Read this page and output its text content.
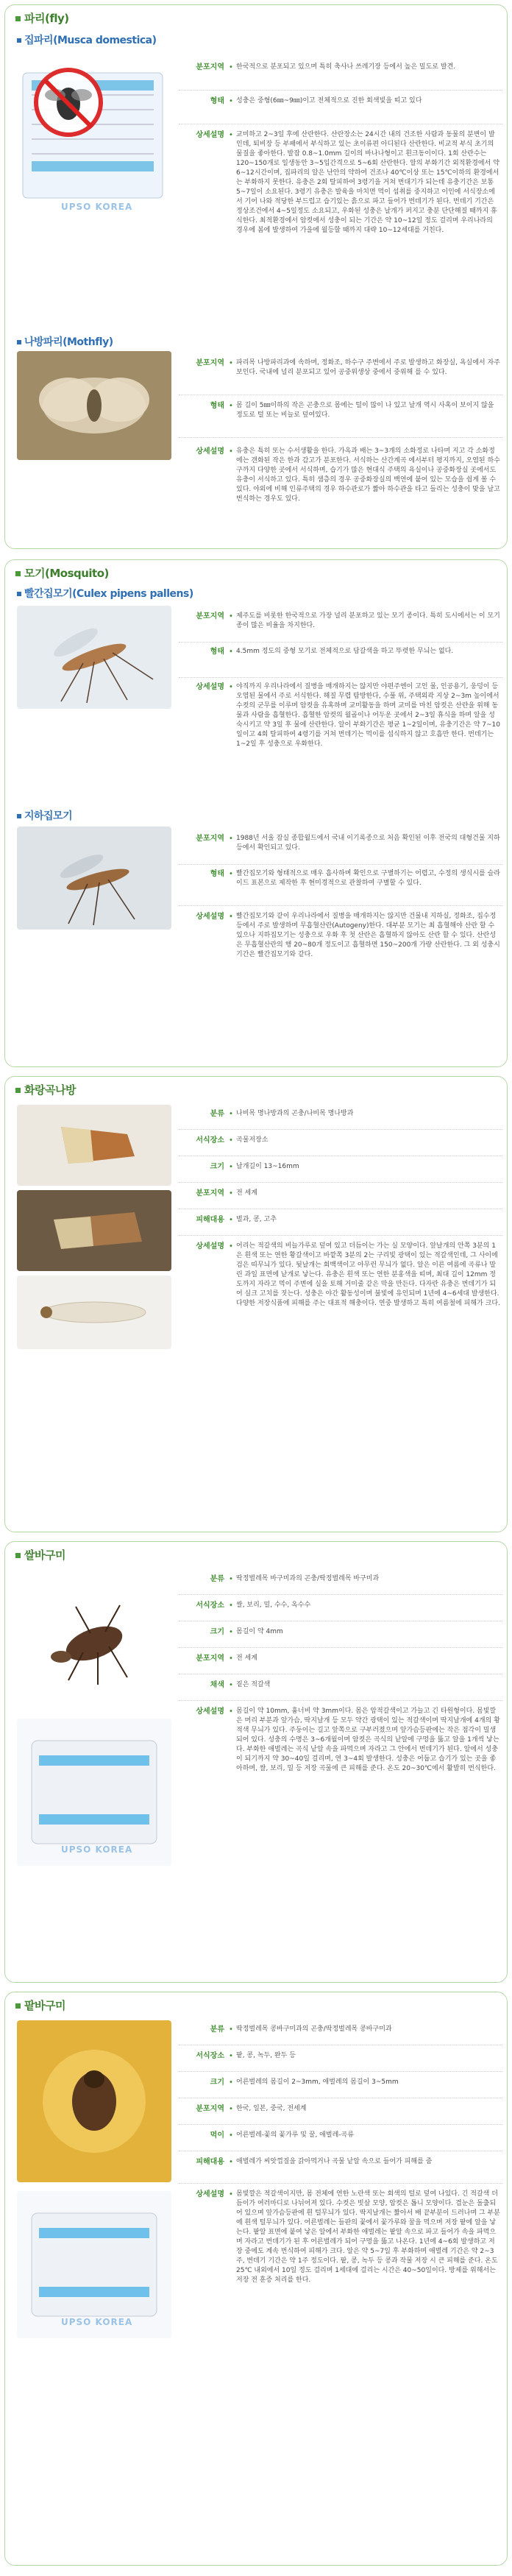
파리(fly)
집파리(Musca domestica)
UPSO KOREA
분포지역 • 한국적으로 분포되고 있으며 특히 축사나 쓰레기장 등에서 높은 밀도로 발견.
형태 • 성충은 중형(6㎜~9㎜)이고 전체적으로 진한 회색빛을 띠고 있다
상세설명 • 교미하고 2~3일 후에 산란한다. 산란장소는 24시간 내의 건조한 사람과 동물의 분변이 발인데, 퇴비장 등 부패에서 부식하고 있는 초이류편 아디된다 산란한다. 비교적 부식 초기의 물질을 좋아한다. 발잡 0.8~1.0mm 길이의 바나나형이고 흰크동이이다. 1회 산란수는 120~150개로 일생동안 3~5입간격으로 5~6회 산란한다. 알의 부화기간 외적환경에서 약 6~12시간이며, 집파리의 알은 난안의 약하여 건조나 40℃이상 또는 15℃이하의 환경에서는 부화하지 못한다. 유충은 2회 탈피하여 3령기을 거쳐 번대기가 되는데 유충기간은 보통 5~7일이 소요된다. 3령기 유충은 발육을 마치면 먹이 섭취를 중지하고 이인에 서식장소에서 기어 나와 적당한 부드럽고 습기있는 흙으로 파고 들어가 번데기가 된다. 번데기 기간은 정상조건에서 4~5일정도 소요되고, 우화된 성충은 날개가 퍼지고 충분 단단해질 때까지 휴식한다. 최적환경에서 암컷에서 성충이 되는 기간은 약 10~12일 정도 걸리며 우리나라의 경우에 봄에 발생하여 가을에 월등할 때까지 대략 10~12세대를 거친다.
나방파리(Mothfly)
분포지역 • 파리목 나방파리과에 속하며, 정화조, 하수구 주변에서 주로 발생하고 화장실, 욕실에서 자주 보인다. 국내에 널리 분포되고 있어 공중위생상 중에서 중위해 를 수 있다.
형태 • 몸 길이 5㎜이하의 작은 곤충으로 몸에는 털이 많이 나 있고 날개 역시 사혹이 보이지 않을 정도로 털 또는 비늘로 덮여있다.
상세설명 • 유충은 특히 또는 수서생활을 한다. 가옥과 배는 3~3개의 소화정로 나타며 지고 각 소화정에는 갠화된 작은 한과 감고가 분포한다. 서식하는 산간계곡 에서부터 평지까지, 오염된 하수구까지 다양한 곳에서 서식하며, 습기가 많은 현대식 주택의 욕실이나 공중화장실 곳에서도 유충이 서식하고 있다. 특히 샘층의 경우 공중화장실의 백연에 붙어 있는 모습을 쉽게 볼 수 있다. 야외에 비해 인류주택의 경우 하수관로가 짧아 하수관을 타고 들리는 성충이 맞을 날고 번식하는 경우도 있다.
모기(Mosquito)
빨간집모기(Culex pipens pallens)
분포지역 • 제주도를 비롯한 한국적으로 가장 널리 분포하고 있는 모기 종이다. 특히 도시에서는 이 모기종이 많은 비율을 차지한다.
형태 • 4.5mm 정도의 중형 모기로 전체적으로 담갈색을 하고 뚜렷한 무늬는 없다.
상세설명 • 야직까지 우리나라에서 질병을 매개하지는 않지만 야편주엔이 고인 물, 인공용기, 웅덩이 등 오염된 물에서 주로 서식한다. 해질 무렵 탐방한다, 수풀 위, 주택외곽 지상 2~3m 높이에서 수컷의 군무를 이루며 암컷을 유혹하며 교미활동을 하며 교미를 마친 암컷은 산란을 위해 동물과 사람을 흡혈한다. 흡혈한 암컷의 월골이나 어두운 곳에서 2~3일 휴식을 하며 알을 성숙시키고 약 3일 후 물에 산란한다. 알이 부화기간은 평균 1~2일이며, 유충기간은 약 7~10일이고 4회 탈피하여 4령기를 거쳐 번데기는 먹이를 섭식하지 않고 호흡만 한다. 번데기는 1~2일 후 성충으로 우화한다.
지하집모기
분포지역 • 1988년 서울 잠실 종합월드에서 국내 이기록종으로 처음 확인된 이후 전국의 대형건물 지하 등에서 확인되고 있다.
형태 • 빨간집모기와 형태적으로 매우 흡사하며 확인으로 구별하기는 어렵고, 수정의 생식시를 슬라이드 표본으로 제작한 후 현미경적으로 관찰하여 구별할 수 있다.
상세설명 • 빨간집모기와 같이 우리나라에서 질병을 매개하지는 않지만 건물내 지하실, 정화조, 집수정 등에서 주로 발생하며 무흡혈산란(Autogeny)한다. 대부분 모기는 최 흡혈해야 산란 할 수 있으나 지하집모기는 성충으로 우화 후 첫 산란은 흡혈하지 않아도 산란 할 수 있다. 산란성은 무흡혈산란의 행 20~80개 정도이고 흡혈하면 150~200개 가량 산란한다. 그 외 성충시기간은 빨간집모기와 같다.
화랑곡나방
분류 • 나비목 명나방과의 곤충/나비목 명나방과
서식장소 • 곡물저장소
크기 • 날개길이 13~16mm
분포지역 • 전 세계
피해대용 • 벌과, 콩, 고추
상세설명 • 어리는 적갈색의 비늘가루로 덮여 있고 더듬이는 가는 실 모양이다. 앞날개의 안쪽 3분의 1은 흰색 또는 연한 황갈색이고 바깥쪽 3분의 2는 구리빛 광택이 있는 적갈색인데, 그 사이에 검은 띠무늬가 있다. 뒷날개는 회백색이고 아무런 무늬가 없다. 알은 이른 여름에 곡류나 말린 과일 표면에 낱개로 낳는다. 유충은 흰색 또는 연한 분홍색을 띠며, 최대 길이 12mm 정도까지 자라고 먹이 주변에 실을 토해 거미줄 같은 막을 만든다. 다자란 유충은 번데기가 되어 실크 고치를 짓는다. 성충은 야간 활동성이며 불빛에 유인되며 1년에 4~6세대 발생한다. 다양한 저장식품에 피해를 주는 대표적 해충이다. 연중 발생하고 특히 여름철에 피해가 크다.
쌀바구미
UPSO KOREA
분류 • 딱정벌레목 바구미과의 곤충/딱정벌레목 바구미과
서식장소 • 쌀, 보리, 밀, 수수, 옥수수
크기 • 몸길이 약 4mm
분포지역 • 전 세계
채색 • 짙은 적갈색
상세설명 • 몸길이 약 10mm, 흉너비 약 3mm이다. 몸은 암적갈색이고 가늘고 긴 타원형이다. 몸빛깔은 머리 부분과 앞가슴, 딱지날개 등 모두 약간 광택이 있는 적갈색이며 딱지날개에 4개의 황적색 무늬가 있다. 주둥이는 길고 앞쪽으로 구부러졌으며 앞가슴등판에는 작은 점각이 밀생되어 있다. 성충의 수명은 3~6개월이며 암컷은 곡식의 낱알에 구멍을 뚫고 알을 1개씩 낳는다. 부화한 애벌레는 곡식 낱알 속을 파먹으며 자라고 그 안에서 번데기가 된다. 알에서 성충이 되기까지 약 30~40일 걸리며, 연 3~4회 발생한다. 성충은 어둡고 습기가 있는 곳을 좋아하며, 쌀, 보리, 밀 등 저장 곡물에 큰 피해를 준다. 온도 20~30℃에서 활발히 번식한다.
팥바구미
UPSO KOREA
분류 • 딱정벌레목 콩바구미과의 곤충/딱정벌레목 콩바구미과
서식장소 • 팥, 콩, 녹두, 완두 등
크기 • 어른벌레의 몸길이 2~3mm, 애벌레의 몸길이 3~5mm
분포지역 • 한국, 일본, 중국, 전세계
먹이 • 어른벌레-꽃의 꽃가루 및 꿀, 애벌레-곡류
피해대용 • 애벌레가 씨앗껍질을 갉아먹거나 곡물 낱알 속으로 들어가 피해를 줌
상세설명 • 몸빛깔은 적갈색이지만, 몸 전체에 연한 노란색 또는 회색의 털로 덮여 나있다. 긴 적갈색 더듬이가 여러마디로 나뉘어져 있다. 수컷은 빗살 모양, 암컷은 톱니 모양이다. 겹눈은 돌출되어 있으며 앞가슴등판에 흰 털무늬가 있다. 딱지날개는 짧아서 배 끝부분이 드러나며 그 부분에 흰색 털무늬가 있다. 어른벌레는 들판의 꽃에서 꽃가루와 꿀을 먹으며 저장 팥에 알을 낳는다. 팥알 표면에 붙여 낳은 알에서 부화한 애벌레는 팥알 속으로 파고 들어가 속을 파먹으며 자라고 번데기가 된 후 어른벌레가 되어 구멍을 뚫고 나온다. 1년에 4~6회 발생하고 저장 중에도 계속 번식하여 피해가 크다. 알은 약 5~7일 후 부화하며 애벌레 기간은 약 2~3주, 번데기 기간은 약 1주 정도이다. 팥, 콩, 녹두 등 콩과 작물 저장 시 큰 피해를 준다. 온도 25℃ 내외에서 10일 정도 걸리며 1세대에 걸리는 시간은 40~50일이다. 방제를 위해서는 저장 전 훈증 처리를 한다.
